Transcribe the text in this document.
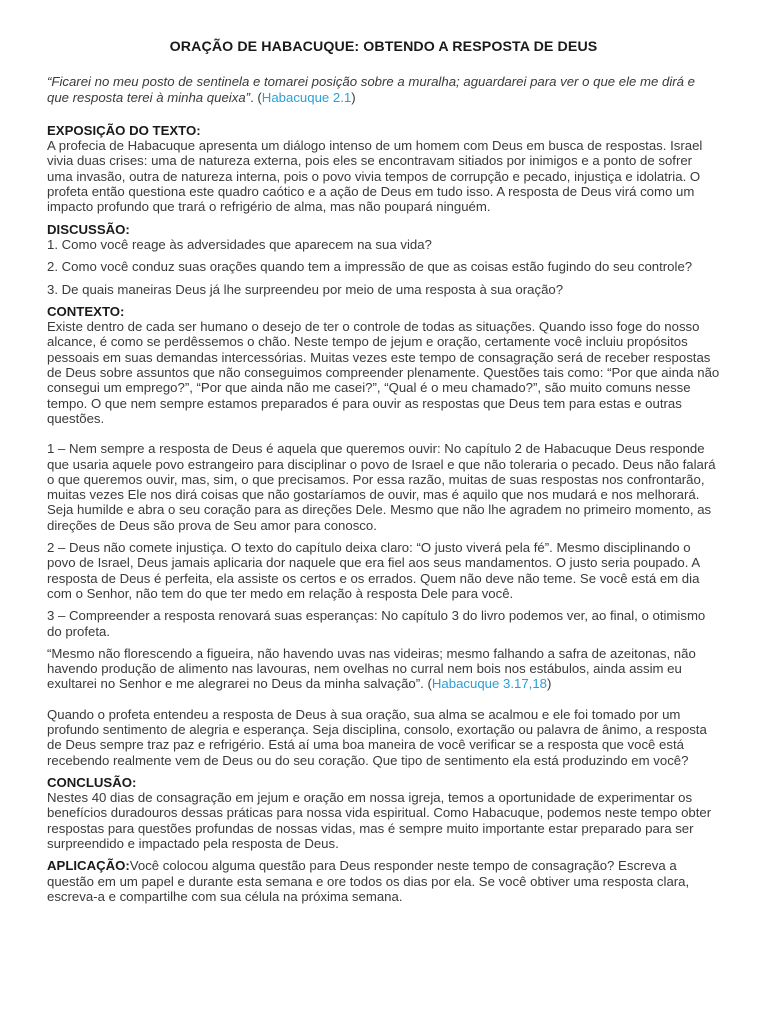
ORAÇÃO DE HABACUQUE: OBTENDO A RESPOSTA DE DEUS

“Ficarei no meu posto de sentinela e tomarei posição sobre a muralha; aguardarei para ver o que ele me dirá e que resposta terei à minha queixa”. (Habacuque 2.1)

EXPOSIÇÃO DO TEXTO:

A profecia de Habacuque apresenta um diálogo intenso de um homem com Deus em busca de respostas. Israel vivia duas crises: uma de natureza externa, pois eles se encontravam sitiados por inimigos e a ponto de sofrer uma invasão, outra de natureza interna, pois o povo vivia tempos de corrupção e pecado, injustiça e idolatria. O profeta então questiona este quadro caótico e a ação de Deus em tudo isso. A resposta de Deus virá como um impacto profundo que trará o refrigério de alma, mas não poupará ninguém.

DISCUSSÃO:

1. Como você reage às adversidades que aparecem na sua vida?

2. Como você conduz suas orações quando tem a impressão de que as coisas estão fugindo do seu controle?

3. De quais maneiras Deus já lhe surpreendeu por meio de uma resposta à sua oração?

CONTEXTO:

Existe dentro de cada ser humano o desejo de ter o controle de todas as situações. Quando isso foge do nosso alcance, é como se perdêssemos o chão. Neste tempo de jejum e oração, certamente você incluiu propósitos pessoais em suas demandas intercessórias. Muitas vezes este tempo de consagração será de receber respostas de Deus sobre assuntos que não conseguimos compreender plenamente. Questões tais como: “Por que ainda não consegui um emprego?”, “Por que ainda não me casei?”, “Qual é o meu chamado?”, são muito comuns nesse tempo. O que nem sempre estamos preparados é para ouvir as respostas que Deus tem para estas e outras questões.

1 – Nem sempre a resposta de Deus é aquela que queremos ouvir: No capítulo 2 de Habacuque Deus responde que usaria aquele povo estrangeiro para disciplinar o povo de Israel e que não toleraria o pecado. Deus não falará o que queremos ouvir, mas, sim, o que precisamos. Por essa razão, muitas de suas respostas nos confrontarão, muitas vezes Ele nos dirá coisas que não gostaríamos de ouvir, mas é aquilo que nos mudará e nos melhorará. Seja humilde e abra o seu coração para as direções Dele. Mesmo que não lhe agradem no primeiro momento, as direções de Deus são prova de Seu amor para conosco.

2 – Deus não comete injustiça. O texto do capítulo deixa claro: “O justo viverá pela fé”. Mesmo disciplinando o povo de Israel, Deus jamais aplicaria dor naquele que era fiel aos seus mandamentos. O justo seria poupado. A resposta de Deus é perfeita, ela assiste os certos e os errados. Quem não deve não teme. Se você está em dia com o Senhor, não tem do que ter medo em relação à resposta Dele para você.

3 – Compreender a resposta renovará suas esperanças: No capítulo 3 do livro podemos ver, ao final, o otimismo do profeta.

“Mesmo não florescendo a figueira, não havendo uvas nas videiras; mesmo falhando a safra de azeitonas, não havendo produção de alimento nas lavouras, nem ovelhas no curral nem bois nos estábulos, ainda assim eu exultarei no Senhor e me alegrarei no Deus da minha salvação”. (Habacuque 3.17,18)

Quando o profeta entendeu a resposta de Deus à sua oração, sua alma se acalmou e ele foi tomado por um profundo sentimento de alegria e esperança. Seja disciplina, consolo, exortação ou palavra de ânimo, a resposta de Deus sempre traz paz e refrigério. Está aí uma boa maneira de você verificar se a resposta que você está recebendo realmente vem de Deus ou do seu coração. Que tipo de sentimento ela está produzindo em você?

CONCLUSÃO:

Nestes 40 dias de consagração em jejum e oração em nossa igreja, temos a oportunidade de experimentar os benefícios duradouros dessas práticas para nossa vida espiritual. Como Habacuque, podemos neste tempo obter respostas para questões profundas de nossas vidas, mas é sempre muito importante estar preparado para ser surpreendido e impactado pela resposta de Deus.

APLICAÇÃO:Você colocou alguma questão para Deus responder neste tempo de consagração? Escreva a questão em um papel e durante esta semana e ore todos os dias por ela. Se você obtiver uma resposta clara, escreva-a e compartilhe com sua célula na próxima semana.
